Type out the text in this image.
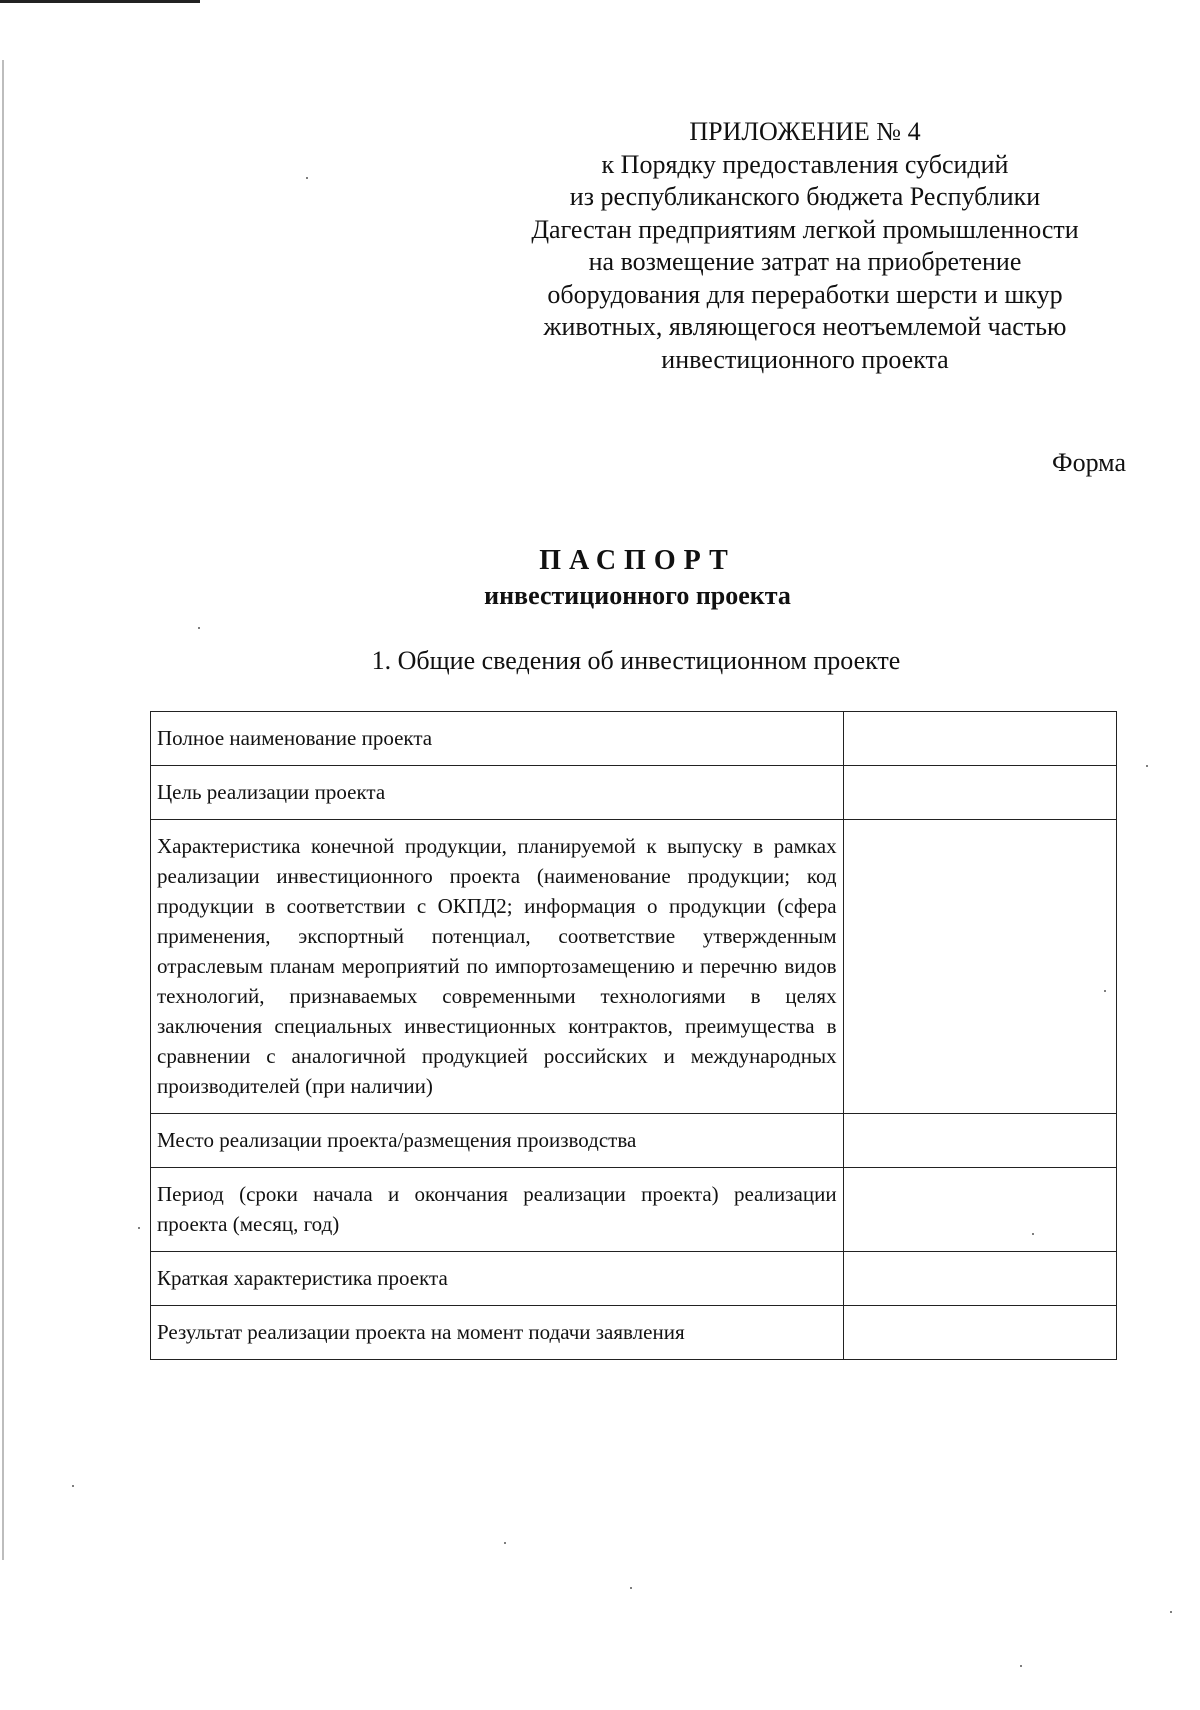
ПРИЛОЖЕНИЕ № 4
к Порядку предоставления субсидий
из республиканского бюджета Республики
Дагестан предприятиям легкой промышленности
на возмещение затрат на приобретение
оборудования для переработки шерсти и шкур
животных, являющегося неотъемлемой частью
инвестиционного проекта
Форма
ПАСПОРТ
инвестиционного проекта
1. Общие сведения об инвестиционном проекте
Полное наименование проекта	
Цель реализации проекта	
Характеристика конечной продукции, планируемой к выпуску в рамках реализации инвестиционного проекта (наименование продукции; код продукции в соответствии с ОКПД2; информация о продукции (сфера применения, экспортный потенциал, соответствие утвержденным отраслевым планам мероприятий по импортозамещению и перечню видов технологий, признаваемых современными технологиями в целях заключения специальных инвестиционных контрактов, преимущества в сравнении с аналогичной продукцией российских и международных производителей (при наличии)	
Место реализации проекта/размещения производства	
Период (сроки начала и окончания реализации проекта) реализации проекта (месяц, год)	
Краткая характеристика проекта	
Результат реализации проекта на момент подачи заявления	
